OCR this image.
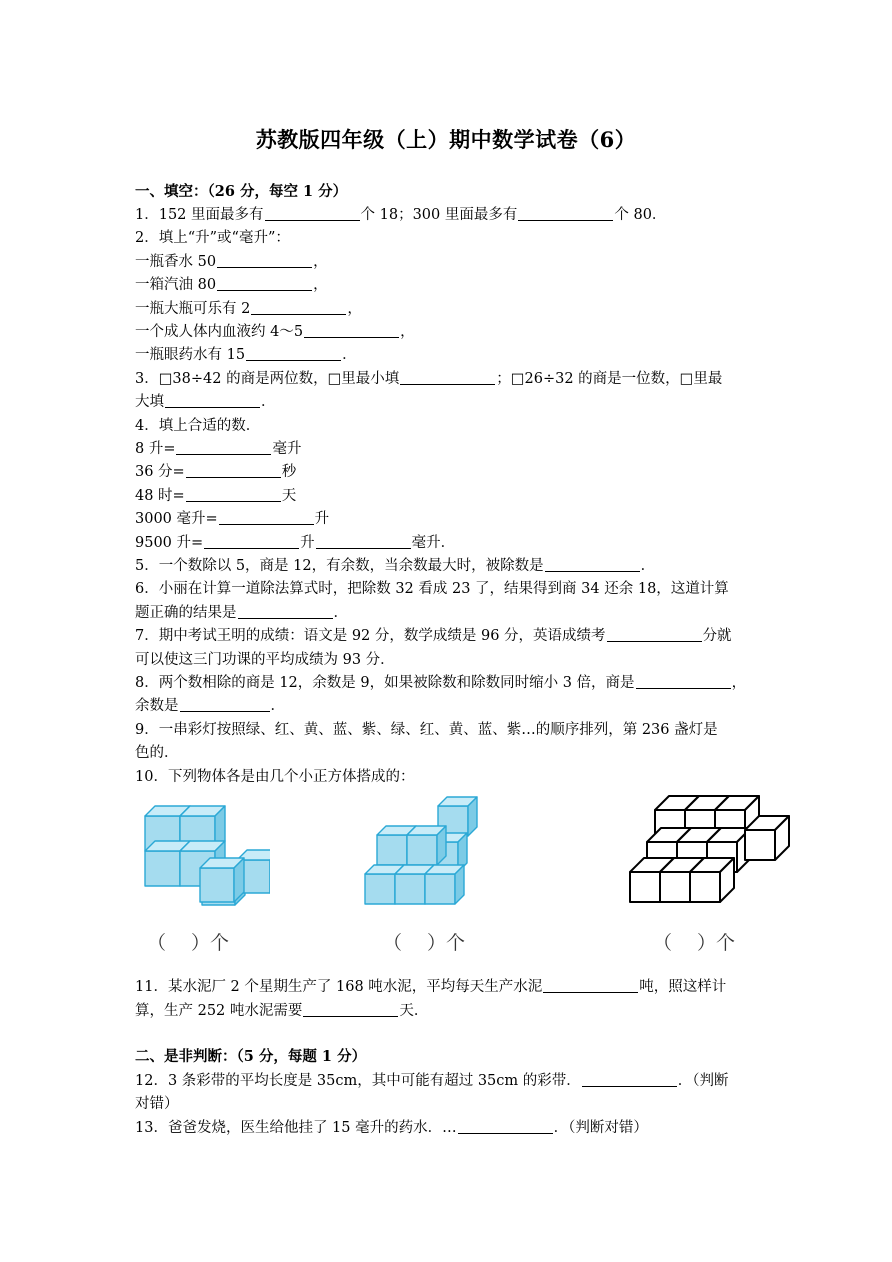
苏教版四年级（上）期中数学试卷（6）
一、填空：（26 分，每空 1 分）
1．152 里面最多有	个 18；300 里面最多有	个 80．
2．填上“升”或“毫升”：
一瓶香水 50	，
一箱汽油 80	，
一瓶大瓶可乐有 2	，
一个成人体内血液约 4～5	，
一瓶眼药水有 15	．
3．□38÷42 的商是两位数，□里最小填	；□26÷32 的商是一位数，□里最
大填	．
4．填上合适的数．
8 升=	毫升
36 分=	秒
48 时=	天
3000 毫升=	升
9500 升=	升	毫升．
5．一个数除以 5，商是 12，有余数，当余数最大时，被除数是	．
6．小丽在计算一道除法算式时，把除数 32 看成 23 了，结果得到商 34 还余 18，这道计算
题正确的结果是	．
7．期中考试王明的成绩：语文是 92 分，数学成绩是 96 分，英语成绩考	分就
可以使这三门功课的平均成绩为 93 分．
8．两个数相除的商是 12，余数是 9，如果被除数和除数同时缩小 3 倍，商是	，
余数是	．
9．一串彩灯按照绿、红、黄、蓝、紫、绿、红、黄、蓝、紫…的顺序排列，第 236 盏灯是
色的．
10．下列物体各是由几个小正方体搭成的：
（　 ）个	（　 ）个	（　 ）个
11．某水泥厂 2 个星期生产了 168 吨水泥，平均每天生产水泥	吨，照这样计
算，生产 252 吨水泥需要	天．
二、是非判断：（5 分，每题 1 分）
12．3 条彩带的平均长度是 35cm，其中可能有超过 35cm 的彩带．	．（判断
对错）
13．爸爸发烧，医生给他挂了 15 毫升的药水．…	．（判断对错）
